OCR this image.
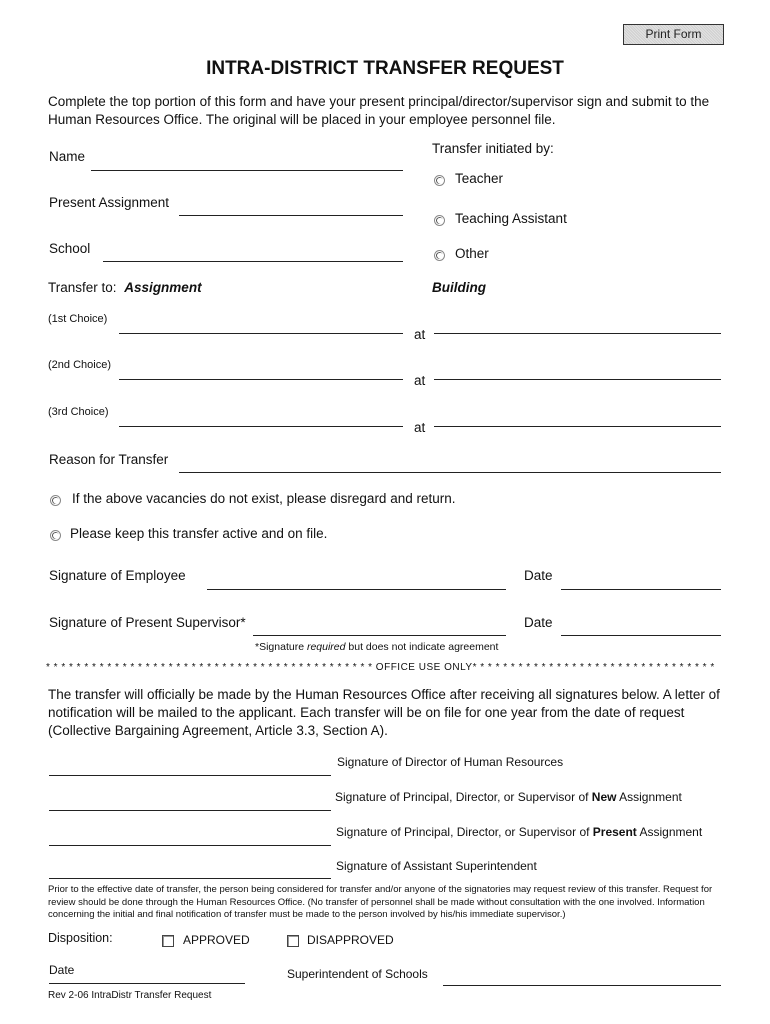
Print Form
INTRA-DISTRICT TRANSFER REQUEST
Complete the top portion of this form and have your present principal/director/supervisor sign and submit to the Human Resources Office. The original will be placed in your employee personnel file.
Name
Present Assignment
School
Transfer initiated by:
Teacher
Teaching Assistant
Other
Transfer to: Assignment	Building
(1st Choice)
at
(2nd Choice)
at
(3rd Choice)
at
Reason for Transfer
If the above vacancies do not exist, please disregard and return.
Please keep this transfer active and on file.
Signature of Employee	Date
Signature of Present Supervisor*	Date
*Signature required but does not indicate agreement
* * * * * * * * * * * * * * * * * * * * * * * * * * * * * * * * * * * * * * * * * * * OFFICE USE ONLY* * * * * * * * * * * * * * * * * * * * * * * * * * * * * * * *
The transfer will officially be made by the Human Resources Office after receiving all signatures below. A letter of notification will be mailed to the applicant. Each transfer will be on file for one year from the date of request (Collective Bargaining Agreement, Article 3.3, Section A).
Signature of Director of Human Resources
Signature of Principal, Director, or Supervisor of New Assignment
Signature of Principal, Director, or Supervisor of Present Assignment
Signature of Assistant Superintendent
Prior to the effective date of transfer, the person being considered for transfer and/or anyone of the signatories may request review of this transfer. Request for review should be done through the Human Resources Office. (No transfer of personnel shall be made without consultation with the one involved. Information concerning the initial and final notification of transfer must be made to the person involved by his/his immediate supervisor.)
Disposition:	APPROVED	DISAPPROVED
Date	Superintendent of Schools
Rev 2-06 IntraDistr Transfer Request
